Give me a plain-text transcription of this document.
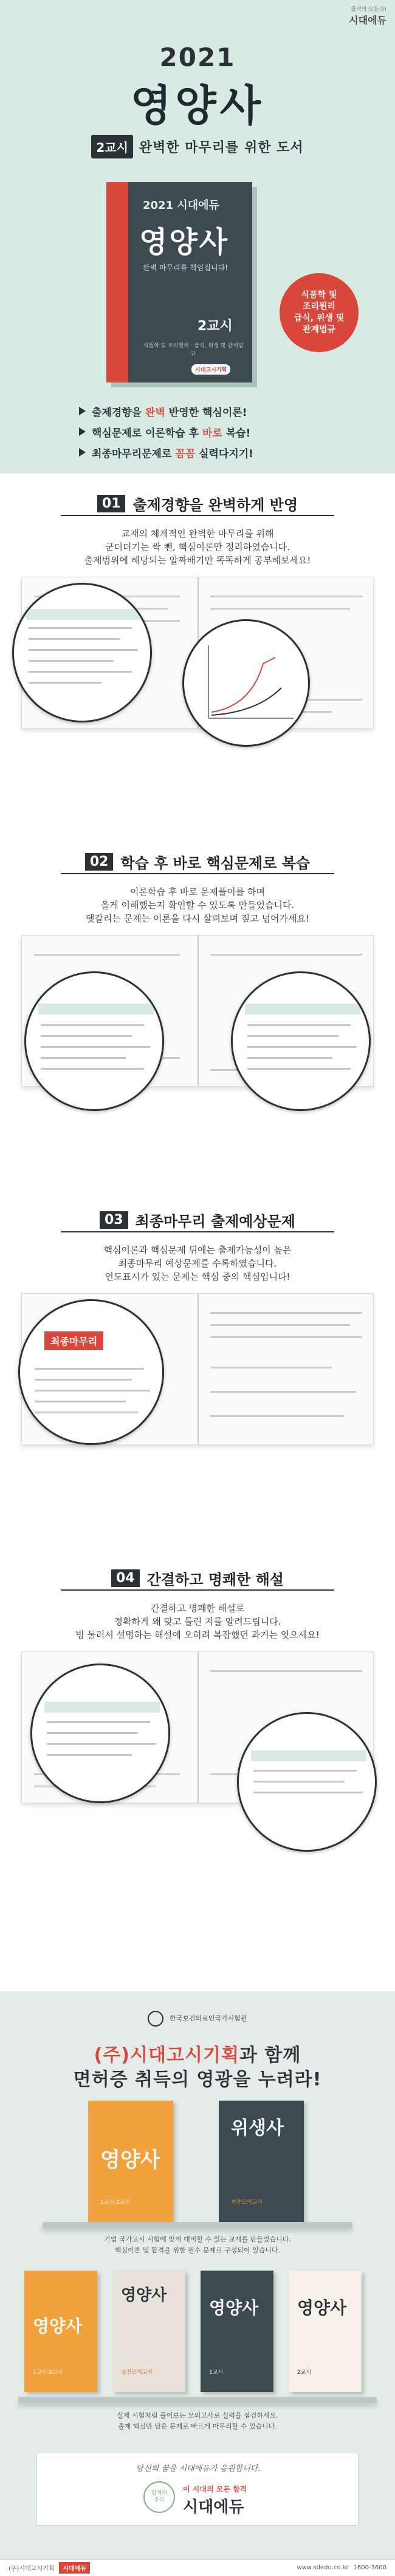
합격의 모든것!
시대에듀
2021
영양사
2교시 완벽한 마무리를 위한 도서
2021 시대에듀
영양사
완벽 마무리를 책임집니다!
2교시
식품학 및 조리원리 · 급식, 위생 및 관계법규
시대고시기획
식품학 및
조리원리
급식, 위생 및
관계법규
출제경향을 완벽 반영한 핵심이론!
핵심문제로 이론학습 후 바로 복습!
최종마무리문제로 꼼꼼 실력다지기!
01 출제경향을 완벽하게 반영
교재의 체계적인 완벽한 마무리를 위해
군더더기는 싹 뺀, 핵심이론만 정리하였습니다.
출제범위에 해당되는 알짜배기만 똑똑하게 공부해보세요!
02 학습 후 바로 핵심문제로 복습
이론학습 후 바로 문제풀이를 하며
올게 이해했는지 확인할 수 있도록 만들었습니다.
헷갈리는 문제는 이론을 다시 살펴보며 짚고 넘어가세요!
03 최종마무리 출제예상문제
핵심이론과 핵심문제 뒤에는 출제가능성이 높은
최종마무리 예상문제를 수록하였습니다.
연도표시가 있는 문제는 핵심 중의 핵심입니다!
최종마무리
04 간결하고 명쾌한 해설
간결하고 명쾌한 해설로
정확하게 왜 맞고 틀린 지를 알려드립니다.
빙 둘러서 설명하는 해설에 오히려 복잡했던 과거는 잊으세요!
한국보건의료인국가시험원
(주)시대고시기획과 함께
면허증 취득의 영광을 누려라!
영양사
1교시·2교시
위생사
최종모의고사
기업 국가고시 시험에 맞게 대비할 수 있는 교재를 만들었습니다.
핵심이론 및 합격을 위한 필수 문제로 구성되어 있습니다.
영양사
1교시·2교시
영양사
실전모의고사
영양사
1교시
영양사
2교시
실제 시험처럼 풀어보는 모의고사로 실력을 점검하세요.
출제 핵심만 담은 문제로 빠르게 마무리할 수 있습니다.
당신의 꿈을 시대에듀가 응원합니다.
합격의
공식
이 시대의 모든 합격
시대에듀
(주)시대고시기획	시대에듀	www.sdedu.co.kr 1600-3600
